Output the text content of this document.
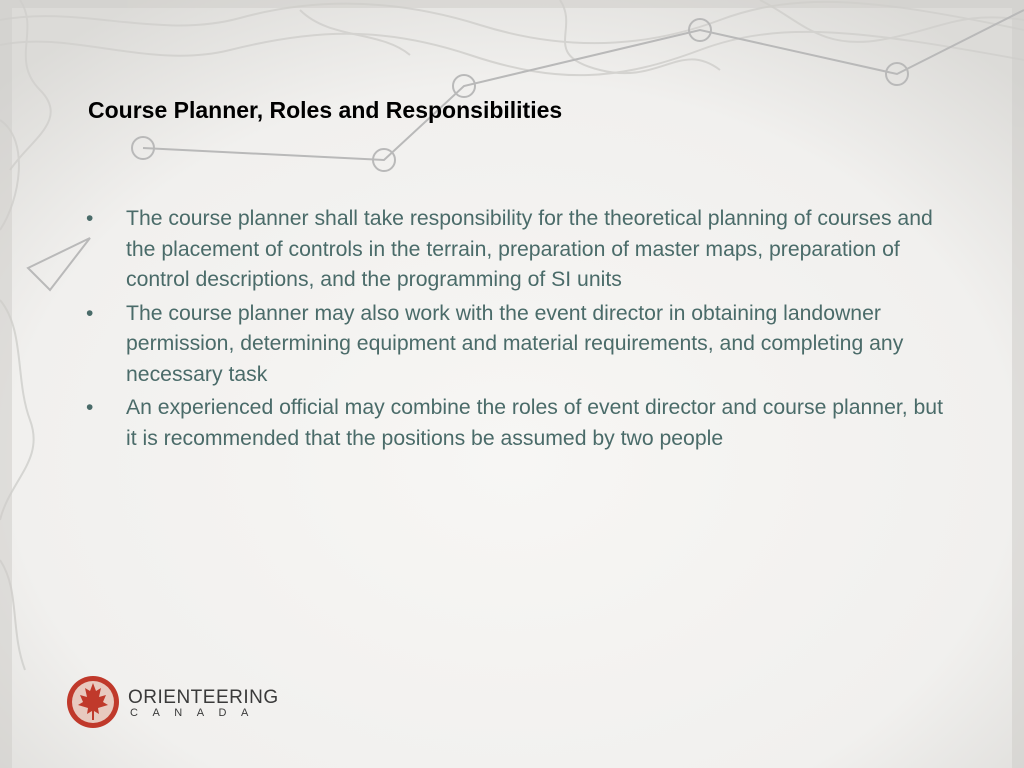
Course Planner, Roles and Responsibilities
•	The course planner shall take responsibility for the theoretical planning of courses and the placement of controls in the terrain, preparation of master maps, preparation of control descriptions, and the programming of SI units
•	The course planner may also work with the event director in obtaining landowner permission, determining equipment and material requirements, and completing any necessary task
•	An experienced official may combine the roles of event director and course planner, but it is recommended that the positions be assumed by two people
ORIENTEERING
CANADA
